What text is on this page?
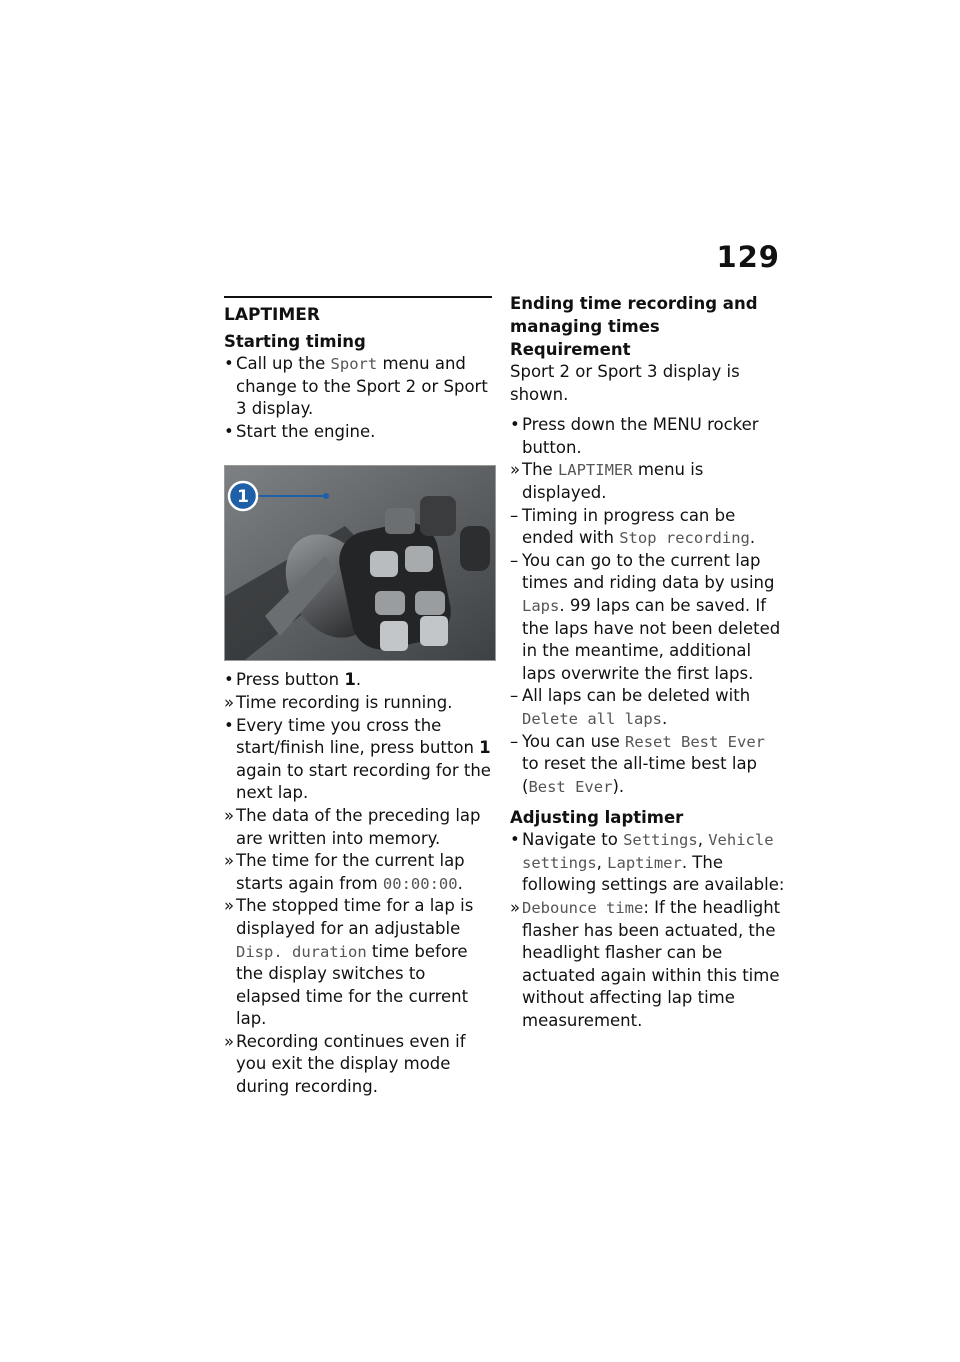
129
LAPTIMER
Starting timing
• Call up the Sport menu and change to the Sport 2 or Sport 3 display.
• Start the engine.
1
• Press button 1.
» Time recording is running.
• Every time you cross the start/finish line, press button 1 again to start recording for the next lap.
» The data of the preceding lap are written into memory.
» The time for the current lap starts again from 00:00:00.
» The stopped time for a lap is displayed for an adjustable Disp. duration time before the display switches to elapsed time for the current lap.
» Recording continues even if you exit the display mode during recording.
Ending time recording and managing times
Requirement

Sport 2 or Sport 3 display is shown.

• Press down the MENU rocker button.
» The LAPTIMER menu is displayed.
– Timing in progress can be ended with Stop recording.
– You can go to the current lap times and riding data by using Laps. 99 laps can be saved. If the laps have not been deleted in the meantime, additional laps overwrite the first laps.
– All laps can be deleted with Delete all laps.
– You can use Reset Best Ever to reset the all-time best lap (Best Ever).
Adjusting laptimer
• Navigate to Settings, Vehicle settings, Laptimer. The following settings are available:
» Debounce time: If the headlight flasher has been actuated, the headlight flasher can be actuated again within this time without affecting lap time measurement.
